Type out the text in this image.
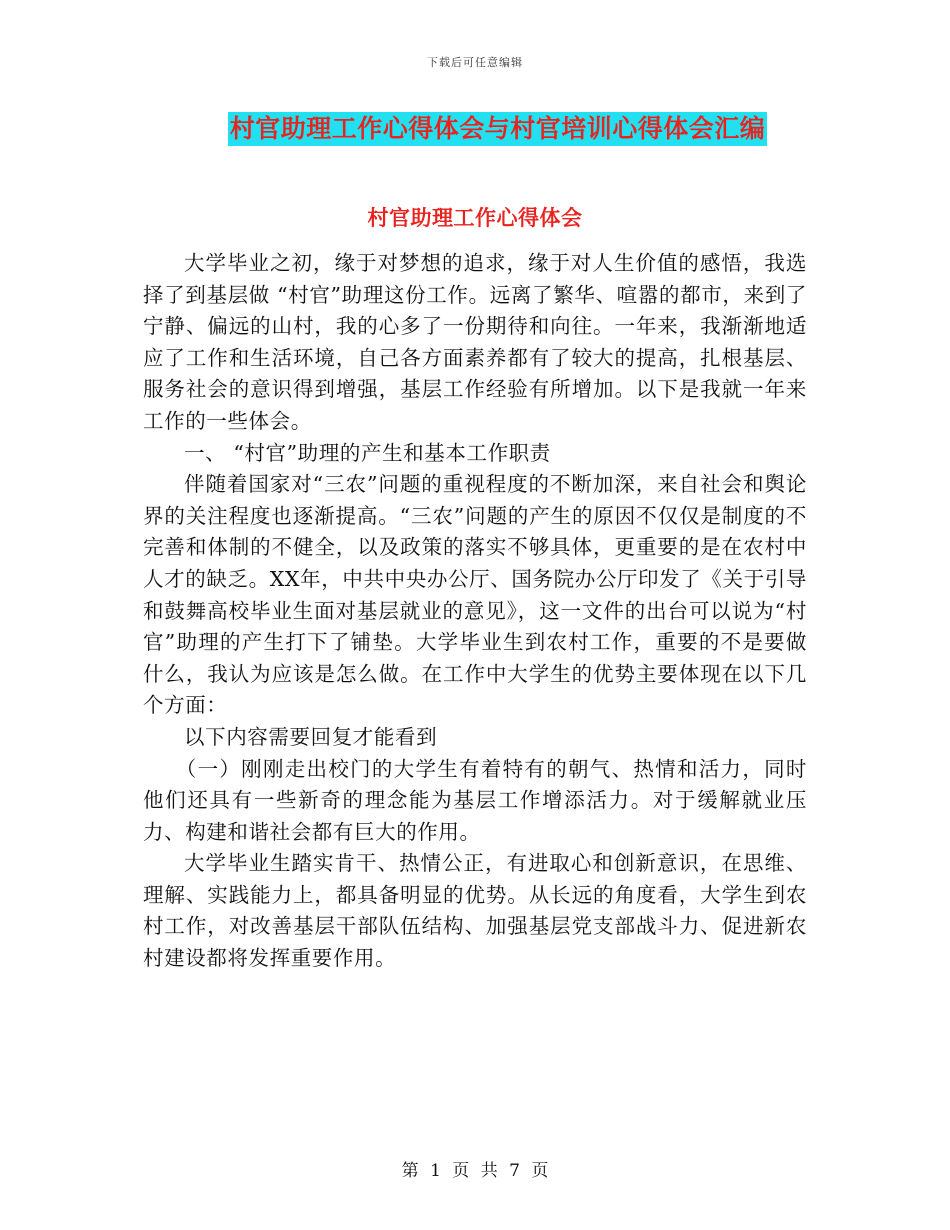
下载后可任意编辑
村官助理工作心得体会与村官培训心得体会汇编
村官助理工作心得体会

大学毕业之初，缘于对梦想的追求，缘于对人生价值的感悟，我选择了到基层做 “村官”助理这份工作。远离了繁华、喧嚣的都市，来到了宁静、偏远的山村，我的心多了一份期待和向往。一年来，我渐渐地适应了工作和生活环境，自己各方面素养都有了较大的提高，扎根基层、服务社会的意识得到增强，基层工作经验有所增加。以下是我就一年来工作的一些体会。

一、 “村官”助理的产生和基本工作职责

伴随着国家对“三农”问题的重视程度的不断加深，来自社会和舆论界的关注程度也逐渐提高。“三农”问题的产生的原因不仅仅是制度的不完善和体制的不健全，以及政策的落实不够具体，更重要的是在农村中人才的缺乏。XX年，中共中央办公厅、国务院办公厅印发了《关于引导和鼓舞高校毕业生面对基层就业的意见》，这一文件的出台可以说为“村官”助理的产生打下了铺垫。大学毕业生到农村工作，重要的不是要做什么，我认为应该是怎么做。在工作中大学生的优势主要体现在以下几个方面：

以下内容需要回复才能看到

（一）刚刚走出校门的大学生有着特有的朝气、热情和活力，同时他们还具有一些新奇的理念能为基层工作增添活力。对于缓解就业压力、构建和谐社会都有巨大的作用。

大学毕业生踏实肯干、热情公正，有进取心和创新意识，在思维、理解、实践能力上，都具备明显的优势。从长远的角度看，大学生到农村工作，对改善基层干部队伍结构、加强基层党支部战斗力、促进新农村建设都将发挥重要作用。

第 1 页 共 7 页
